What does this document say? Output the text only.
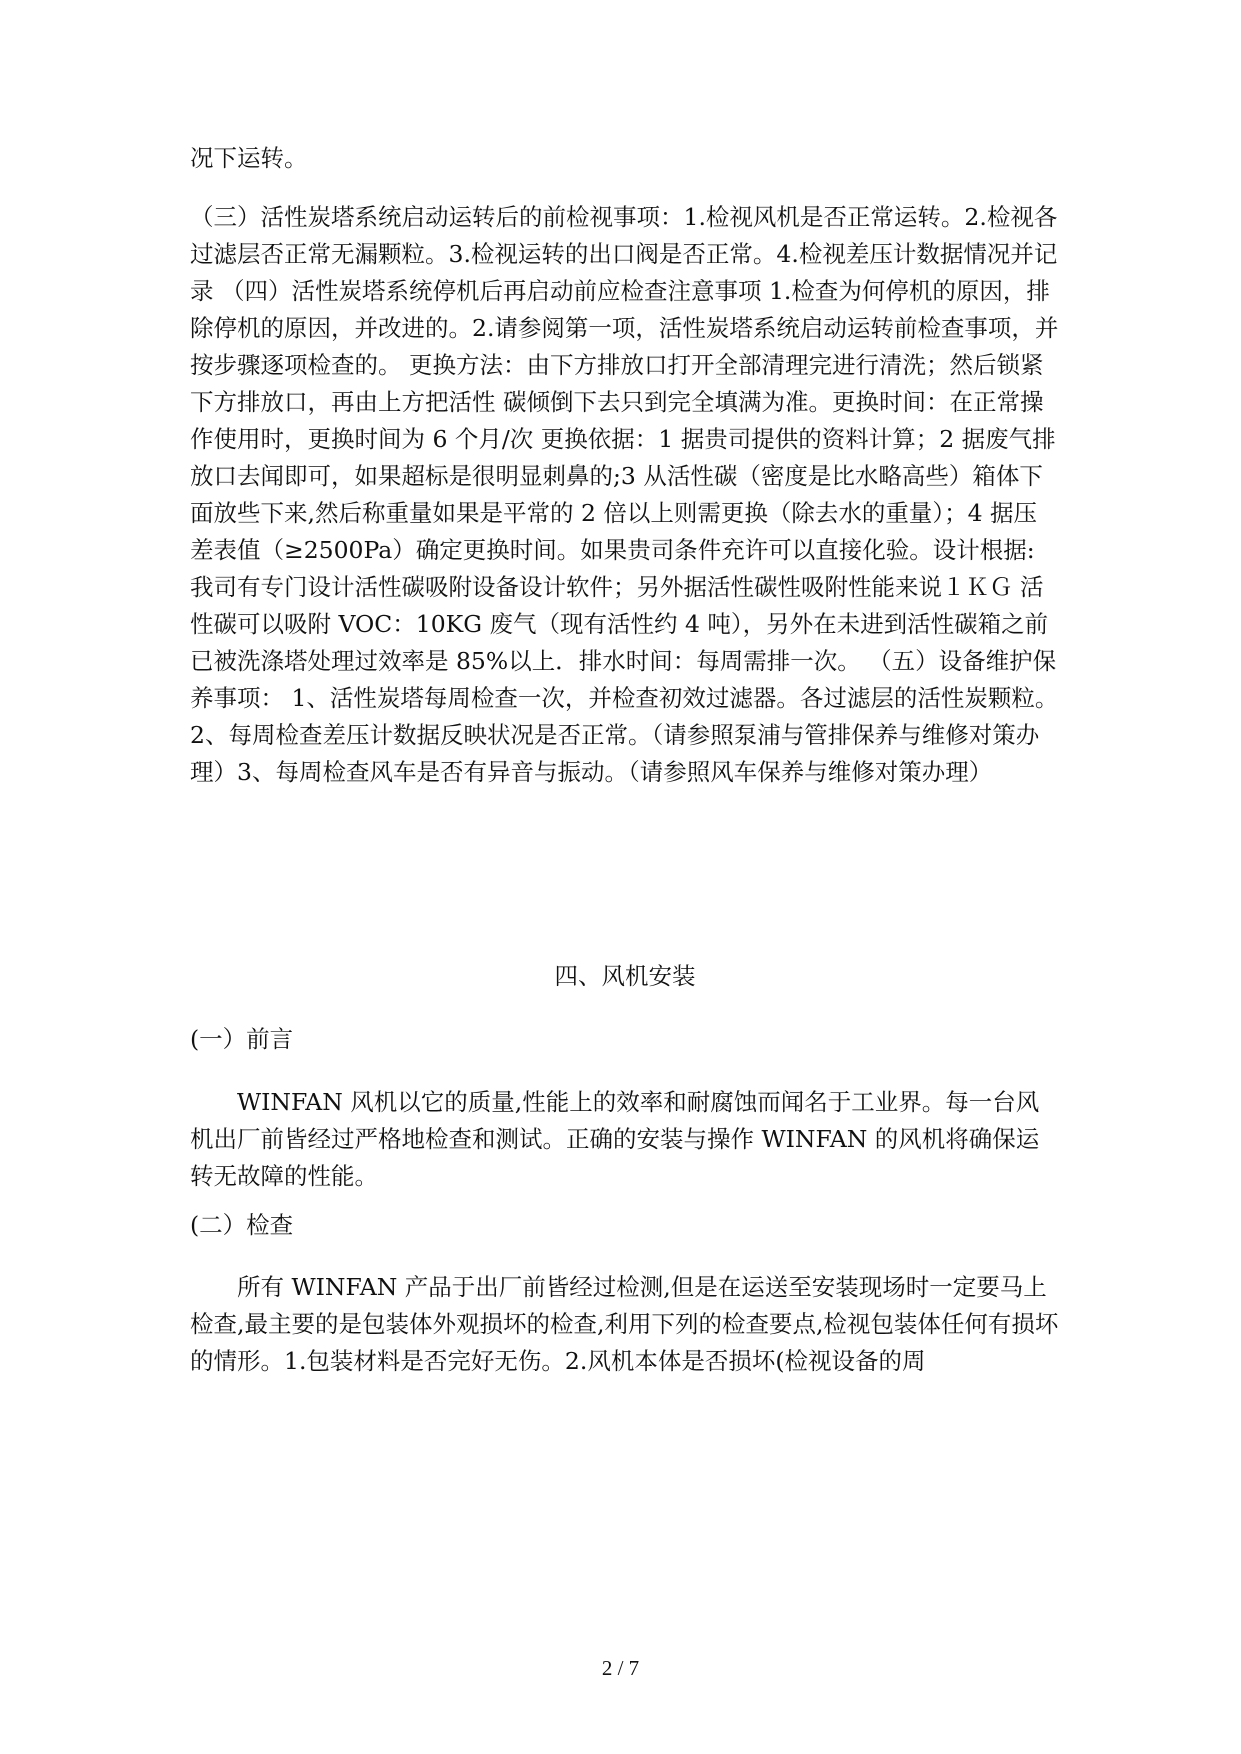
况下运转。

（三）活性炭塔系统启动运转后的前检视事项：1.检视风机是否正常运转。2.检视各过滤层否正常无漏颗粒。3.检视运转的出口阀是否正常。4.检视差压计数据情况并记录 （四）活性炭塔系统停机后再启动前应检查注意事项 1.检查为何停机的原因，排除停机的原因，并改进的。2.请参阅第一项，活性炭塔系统启动运转前检查事项，并按步骤逐项检查的。 更换方法：由下方排放口打开全部清理完进行清洗；然后锁紧下方排放口，再由上方把活性 碳倾倒下去只到完全填满为准。更换时间：在正常操作使用时，更换时间为 6 个月/次 更换依据：1 据贵司提供的资料计算；2 据废气排放口去闻即可，如果超标是很明显刺鼻的;3 从活性碳（密度是比水略高些）箱体下面放些下来,然后称重量如果是平常的 2 倍以上则需更换（除去水的重量）；4 据压差表值（≥2500Pa）确定更换时间。如果贵司条件充许可以直接化验。设计根据: 我司有专门设计活性碳吸附设备设计软件；另外据活性碳性吸附性能来说１ＫＧ 活性碳可以吸附 VOC：10KG 废气（现有活性约 4 吨），另外在未进到活性碳箱之前已被洗涤塔处理过效率是 85%以上．排水时间：每周需排一次。 （五）设备维护保养事项： 1、活性炭塔每周检查一次，并检查初效过滤器。各过滤层的活性炭颗粒。2、每周检查差压计数据反映状况是否正常。（请参照泵浦与管排保养与维修对策办理）3、每周检查风车是否有异音与振动。（请参照风车保养与维修对策办理）

四、风机安装

(一）前言

WINFAN 风机以它的质量,性能上的效率和耐腐蚀而闻名于工业界。每一台风机出厂前皆经过严格地检查和测试。正确的安装与操作 WINFAN 的风机将确保运转无故障的性能。

(二）检查

所有 WINFAN 产品于出厂前皆经过检测,但是在运送至安装现场时一定要马上检查,最主要的是包装体外观损坏的检查,利用下列的检查要点,检视包装体任何有损坏的情形。1.包装材料是否完好无伤。2.风机本体是否损坏(检视设备的周

2 / 7
